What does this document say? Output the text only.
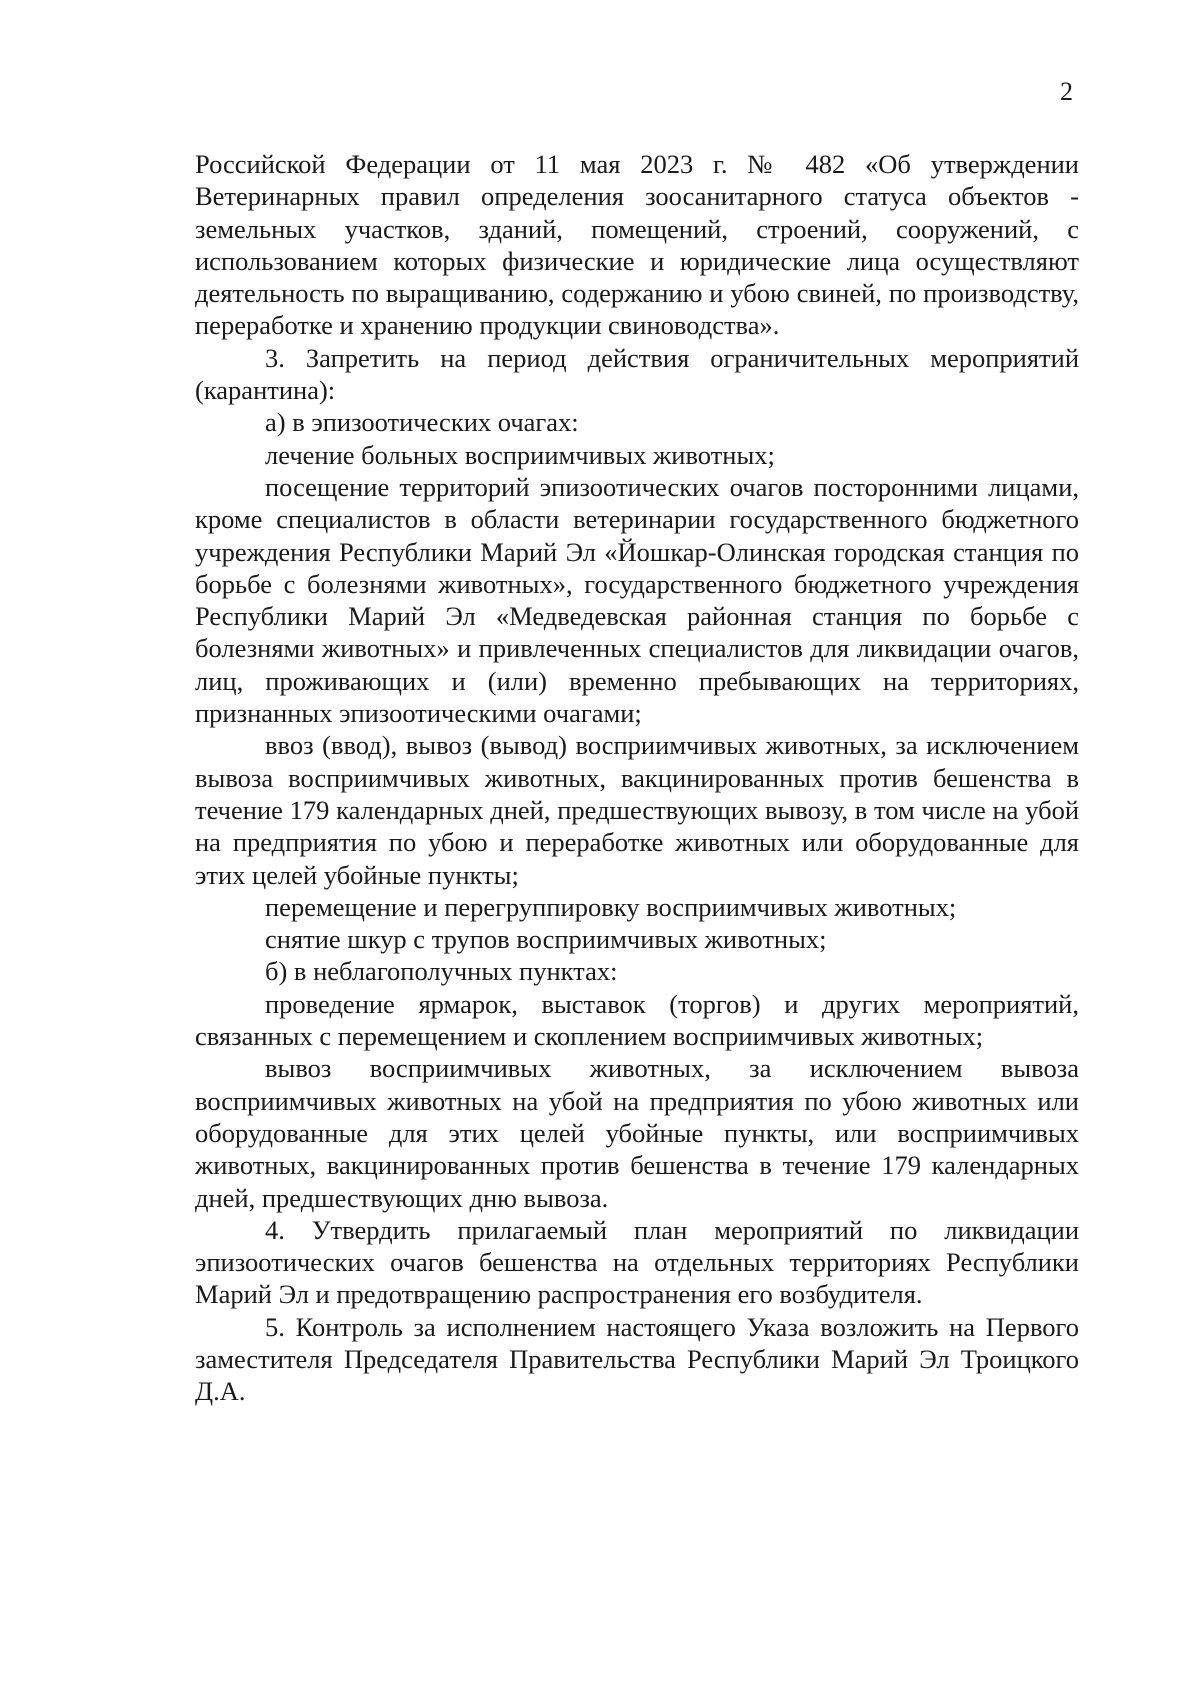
2

Российской Федерации от 11 мая 2023 г. № 482 «Об утверждении Ветеринарных правил определения зоосанитарного статуса объектов - земельных участков, зданий, помещений, строений, сооружений, с использованием которых физические и юридические лица осуществляют деятельность по выращиванию, содержанию и убою свиней, по производству, переработке и хранению продукции свиноводства».

3. Запретить на период действия ограничительных мероприятий (карантина):

а) в эпизоотических очагах:

лечение больных восприимчивых животных;

посещение территорий эпизоотических очагов посторонними лицами, кроме специалистов в области ветеринарии государственного бюджетного учреждения Республики Марий Эл «Йошкар-Олинская городская станция по борьбе с болезнями животных», государственного бюджетного учреждения Республики Марий Эл «Медведевская районная станция по борьбе с болезнями животных» и привлеченных специалистов для ликвидации очагов, лиц, проживающих и (или) временно пребывающих на территориях, признанных эпизоотическими очагами;

ввоз (ввод), вывоз (вывод) восприимчивых животных, за исключением вывоза восприимчивых животных, вакцинированных против бешенства в течение 179 календарных дней, предшествующих вывозу, в том числе на убой на предприятия по убою и переработке животных или оборудованные для этих целей убойные пункты;

перемещение и перегруппировку восприимчивых животных;

снятие шкур с трупов восприимчивых животных;

б) в неблагополучных пунктах:

проведение ярмарок, выставок (торгов) и других мероприятий, связанных с перемещением и скоплением восприимчивых животных;

вывоз восприимчивых животных, за исключением вывоза восприимчивых животных на убой на предприятия по убою животных или оборудованные для этих целей убойные пункты, или восприимчивых животных, вакцинированных против бешенства в течение 179 календарных дней, предшествующих дню вывоза.

4. Утвердить прилагаемый план мероприятий по ликвидации эпизоотических очагов бешенства на отдельных территориях Республики Марий Эл и предотвращению распространения его возбудителя.

5. Контроль за исполнением настоящего Указа возложить на Первого заместителя Председателя Правительства Республики Марий Эл Троицкого Д.А.
